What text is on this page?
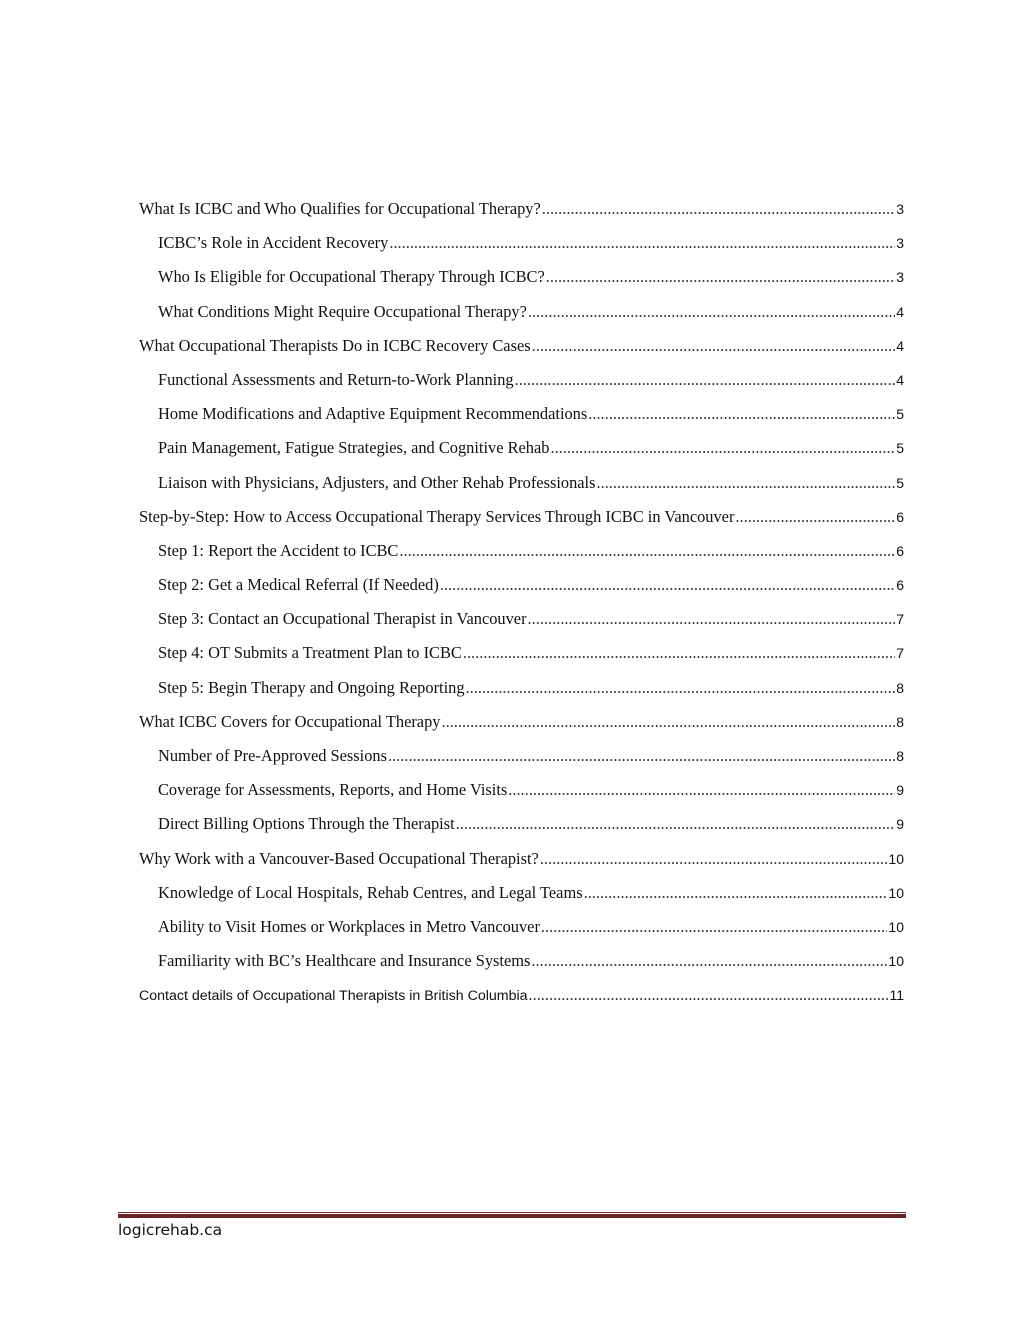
What Is ICBC and Who Qualifies for Occupational Therapy? .....	3
ICBC’s Role in Accident Recovery .....	3
Who Is Eligible for Occupational Therapy Through ICBC? .....	3
What Conditions Might Require Occupational Therapy? .....	4
What Occupational Therapists Do in ICBC Recovery Cases .....	4
Functional Assessments and Return-to-Work Planning .....	4
Home Modifications and Adaptive Equipment Recommendations .....	5
Pain Management, Fatigue Strategies, and Cognitive Rehab .....	5
Liaison with Physicians, Adjusters, and Other Rehab Professionals .....	5
Step-by-Step: How to Access Occupational Therapy Services Through ICBC in Vancouver .....	6
Step 1: Report the Accident to ICBC .....	6
Step 2: Get a Medical Referral (If Needed) .....	6
Step 3: Contact an Occupational Therapist in Vancouver .....	7
Step 4: OT Submits a Treatment Plan to ICBC .....	7
Step 5: Begin Therapy and Ongoing Reporting .....	8
What ICBC Covers for Occupational Therapy .....	8
Number of Pre-Approved Sessions .....	8
Coverage for Assessments, Reports, and Home Visits .....	9
Direct Billing Options Through the Therapist .....	9
Why Work with a Vancouver-Based Occupational Therapist? .....	10
Knowledge of Local Hospitals, Rehab Centres, and Legal Teams .....	10
Ability to Visit Homes or Workplaces in Metro Vancouver .....	10
Familiarity with BC’s Healthcare and Insurance Systems .....	10
Contact details of Occupational Therapists in British Columbia .....	11
logicrehab.ca
